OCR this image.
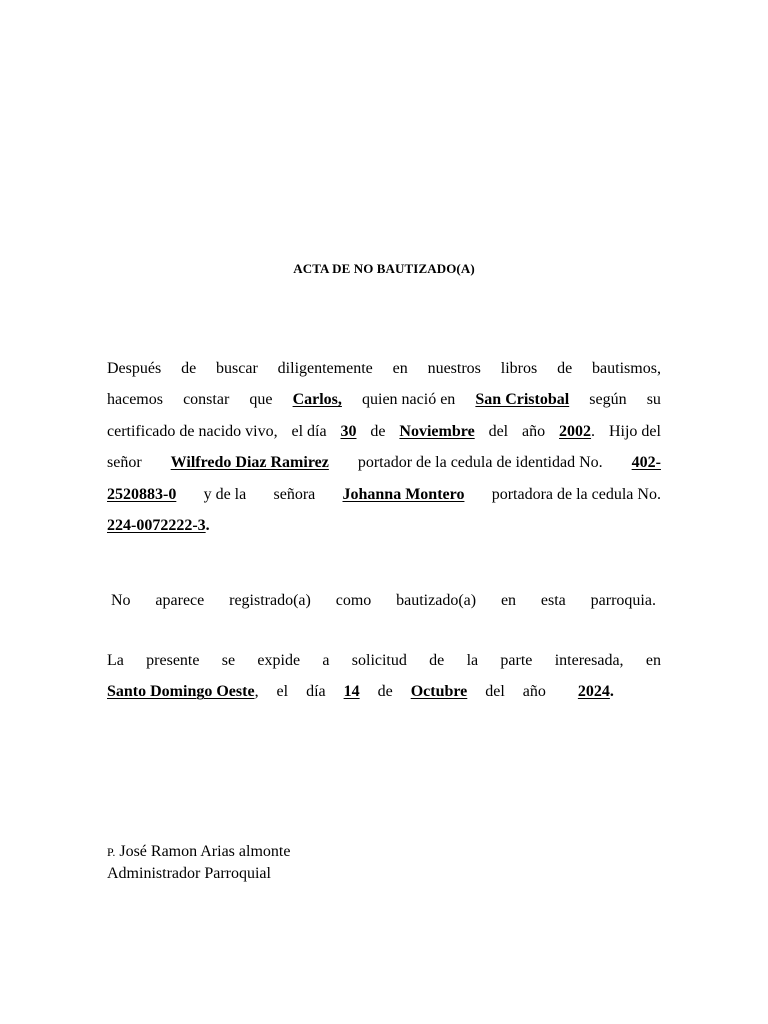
ACTA DE NO BAUTIZADO(A)
Después de buscar diligentemente en nuestros libros de bautismos,
hacemos constar que Carlos, quien nació en San Cristobal según su
certificado de nacido vivo, el día 30 de Noviembre del año 2002. Hijo del
señor Wilfredo Diaz Ramirez portador de la cedula de identidad No. 402-
2520883-0 y de la señora Johanna Montero portadora de la cedula No.
224-0072222-3.
No aparece registrado(a) como bautizado(a) en esta parroquia.
La presente se expide a solicitud de la parte interesada, en
Santo Domingo Oeste, el día 14 de Octubre del año 2024.
P. José Ramon Arias almonte
Administrador Parroquial
